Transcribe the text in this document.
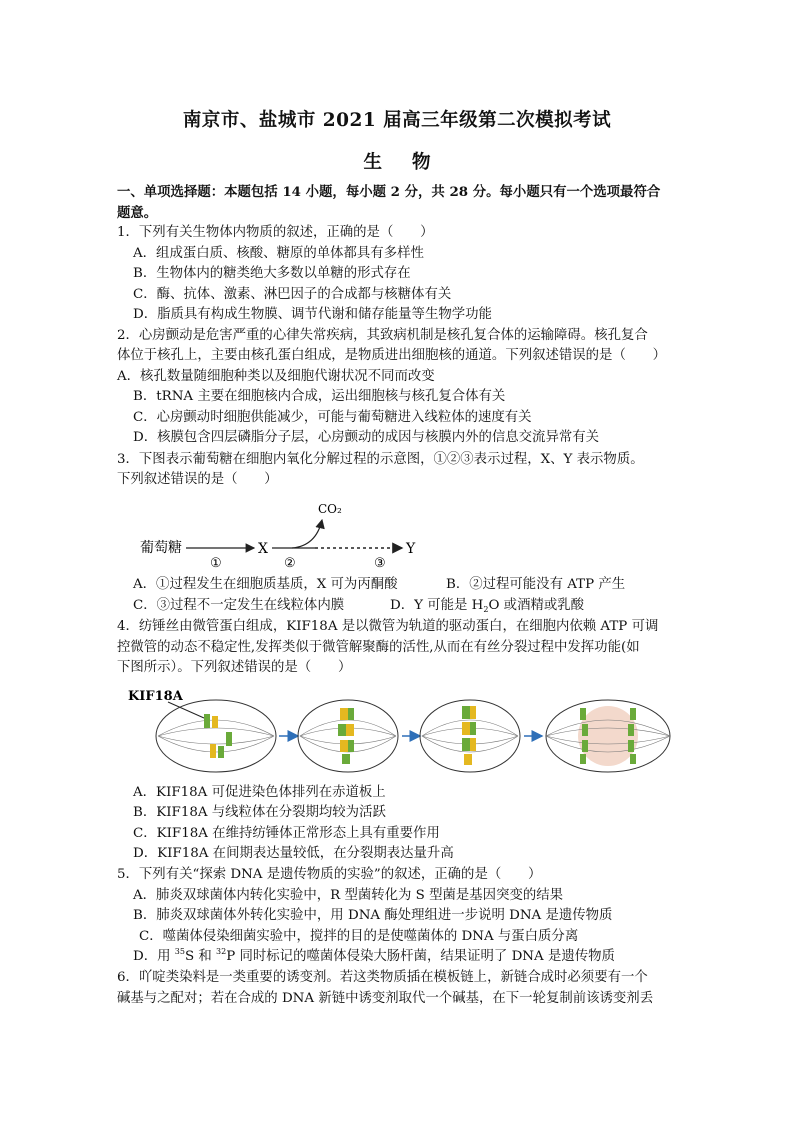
南京市、盐城市 2021 届高三年级第二次模拟考试
生物
一、单项选择题：本题包括 14 小题，每小题 2 分，共 28 分。每小题只有一个选项最符合
题意。
1．下列有关生物体内物质的叙述，正确的是（　　）
A．组成蛋白质、核酸、糖原的单体都具有多样性
B．生物体内的糖类绝大多数以单糖的形式存在
C．酶、抗体、激素、淋巴因子的合成都与核糖体有关
D．脂质具有构成生物膜、调节代谢和储存能量等生物学功能
2．心房颤动是危害严重的心律失常疾病，其致病机制是核孔复合体的运输障碍。核孔复合
体位于核孔上，主要由核孔蛋白组成，是物质进出细胞核的通道。下列叙述错误的是（　　）
A．核孔数量随细胞种类以及细胞代谢状况不同而改变
B．tRNA 主要在细胞核内合成，运出细胞核与核孔复合体有关
C．心房颤动时细胞供能减少，可能与葡萄糖进入线粒体的速度有关
D．核膜包含四层磷脂分子层，心房颤动的成因与核膜内外的信息交流异常有关
3．下图表示葡萄糖在细胞内氧化分解过程的示意图，①②③表示过程，X、Y 表示物质。
下列叙述错误的是（　　）
葡萄糖
①
X
CO₂
②	③
Y
A．①过程发生在细胞质基质，X 可为丙酮酸	B．②过程可能没有 ATP 产生
C．③过程不一定发生在线粒体内膜	D．Y 可能是 $H_2O$ 或酒精或乳酸
4．纺锤丝由微管蛋白组成，KIF18A 是以微管为轨道的驱动蛋白，在细胞内依赖 ATP 可调
控微管的动态不稳定性,发挥类似于微管解聚酶的活性,从而在有丝分裂过程中发挥功能(如
下图所示）。下列叙述错误的是（　　）
KIF18A
A．KIF18A 可促进染色体排列在赤道板上
B．KIF18A 与线粒体在分裂期均较为活跃
C．KIF18A 在维持纺锤体正常形态上具有重要作用
D．KIF18A 在间期表达量较低，在分裂期表达量升高
5．下列有关“探索 DNA 是遗传物质的实验”的叙述，正确的是（　　）
A．肺炎双球菌体内转化实验中，R 型菌转化为 S 型菌是基因突变的结果
B．肺炎双球菌体外转化实验中，用 DNA 酶处理组进一步说明 DNA 是遗传物质
C．噬菌体侵染细菌实验中，搅拌的目的是使噬菌体的 DNA 与蛋白质分离
D．用 $^{35}$S 和 $^{32}$P 同时标记的噬菌体侵染大肠杆菌，结果证明了 DNA 是遗传物质
6．吖啶类染料是一类重要的诱变剂。若这类物质插在模板链上，新链合成时必须要有一个
碱基与之配对；若在合成的 DNA 新链中诱变剂取代一个碱基，在下一轮复制前该诱变剂丢
